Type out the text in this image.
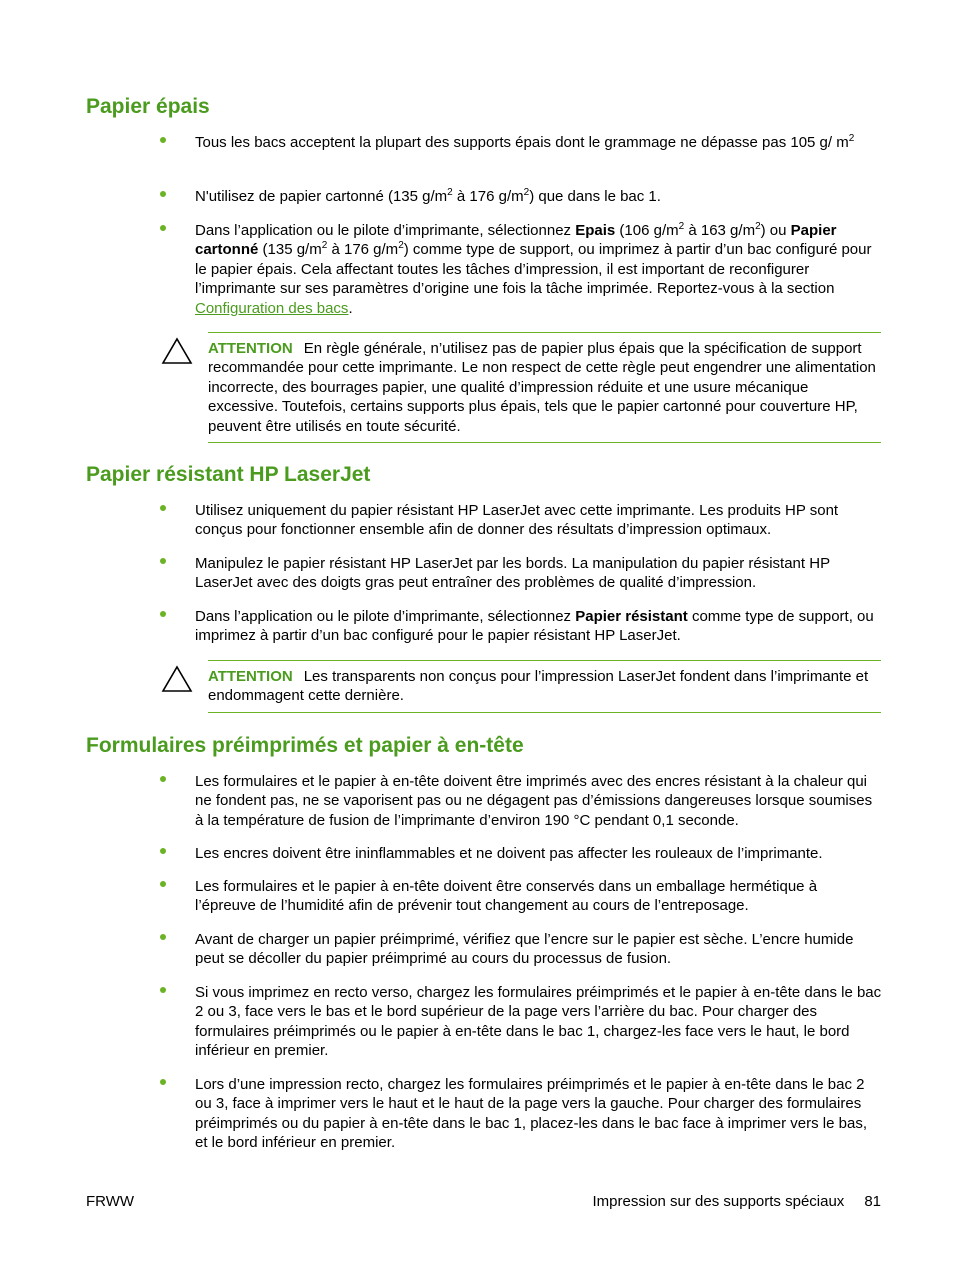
Papier épais
Tous les bacs acceptent la plupart des supports épais dont le grammage ne dépasse pas 105 g/ $m^2$
N'utilisez de papier cartonné (135 $g/m^2$ à 176 $g/m^2$) que dans le bac 1.
Dans l’application ou le pilote d’imprimante, sélectionnez Epais (106 $g/m^2$ à 163 $g/m^2$) ou Papier cartonné (135 $g/m^2$ à 176 $g/m^2$) comme type de support, ou imprimez à partir d’un bac configuré pour le papier épais. Cela affectant toutes les tâches d’impression, il est important de reconfigurer l’imprimante sur ses paramètres d’origine une fois la tâche imprimée. Reportez-vous à la section Configuration des bacs.
ATTENTION En règle générale, n’utilisez pas de papier plus épais que la spécification de support recommandée pour cette imprimante. Le non respect de cette règle peut engendrer une alimentation incorrecte, des bourrages papier, une qualité d’impression réduite et une usure mécanique excessive. Toutefois, certains supports plus épais, tels que le papier cartonné pour couverture HP, peuvent être utilisés en toute sécurité.
Papier résistant HP LaserJet
Utilisez uniquement du papier résistant HP LaserJet avec cette imprimante. Les produits HP sont conçus pour fonctionner ensemble afin de donner des résultats d’impression optimaux.
Manipulez le papier résistant HP LaserJet par les bords. La manipulation du papier résistant HP LaserJet avec des doigts gras peut entraîner des problèmes de qualité d’impression.
Dans l’application ou le pilote d’imprimante, sélectionnez Papier résistant comme type de support, ou imprimez à partir d’un bac configuré pour le papier résistant HP LaserJet.
ATTENTION Les transparents non conçus pour l’impression LaserJet fondent dans l’imprimante et endommagent cette dernière.
Formulaires préimprimés et papier à en-tête
Les formulaires et le papier à en-tête doivent être imprimés avec des encres résistant à la chaleur qui ne fondent pas, ne se vaporisent pas ou ne dégagent pas d’émissions dangereuses lorsque soumises à la température de fusion de l’imprimante d’environ 190 °C pendant 0,1 seconde.
Les encres doivent être ininflammables et ne doivent pas affecter les rouleaux de l’imprimante.
Les formulaires et le papier à en-tête doivent être conservés dans un emballage hermétique à l’épreuve de l’humidité afin de prévenir tout changement au cours de l’entreposage.
Avant de charger un papier préimprimé, vérifiez que l’encre sur le papier est sèche. L’encre humide peut se décoller du papier préimprimé au cours du processus de fusion.
Si vous imprimez en recto verso, chargez les formulaires préimprimés et le papier à en-tête dans le bac 2 ou 3, face vers le bas et le bord supérieur de la page vers l’arrière du bac. Pour charger des formulaires préimprimés ou le papier à en-tête dans le bac 1, chargez-les face vers le haut, le bord inférieur en premier.
Lors d’une impression recto, chargez les formulaires préimprimés et le papier à en-tête dans le bac 2 ou 3, face à imprimer vers le haut et le haut de la page vers la gauche. Pour charger des formulaires préimprimés ou du papier à en-tête dans le bac 1, placez-les dans le bac face à imprimer vers le bas, et le bord inférieur en premier.
FRWW	Impression sur des supports spéciaux 81
